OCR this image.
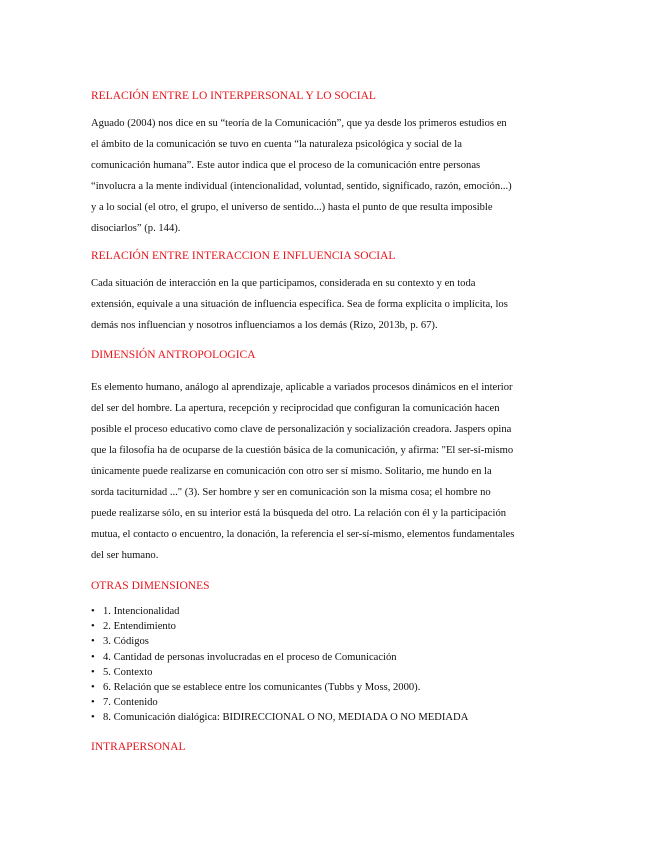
RELACIÓN ENTRE LO INTERPERSONAL Y LO SOCIAL
Aguado (2004) nos dice en su “teoría de la Comunicación”, que ya desde los primeros estudios en
el ámbito de la comunicación se tuvo en cuenta “la naturaleza psicológica y social de la
comunicación humana”. Este autor indica que el proceso de la comunicación entre personas
“involucra a la mente individual (intencionalidad, voluntad, sentido, significado, razón, emoción...)
y a lo social (el otro, el grupo, el universo de sentido...) hasta el punto de que resulta imposible
disociarlos” (p. 144).
RELACIÓN ENTRE INTERACCION E INFLUENCIA SOCIAL
Cada situación de interacción en la que participamos, considerada en su contexto y en toda
extensión, equivale a una situación de influencia específica. Sea de forma explícita o implícita, los
demás nos influencian y nosotros influenciamos a los demás (Rizo, 2013b, p. 67).
DIMENSIÓN ANTROPOLOGICA
Es elemento humano, análogo al aprendizaje, aplicable a variados procesos dinámicos en el interior
del ser del hombre. La apertura, recepción y reciprocidad que configuran la comunicación hacen
posible el proceso educativo como clave de personalización y socialización creadora. Jaspers opina
que la filosofía ha de ocuparse de la cuestión básica de la comunicación, y afirma: "El ser-sí-mismo
únicamente puede realizarse en comunicación con otro ser sí mismo. Solitario, me hundo en la
sorda taciturnidad ..." (3). Ser hombre y ser en comunicación son la misma cosa; el hombre no
puede realizarse sólo, en su interior está la búsqueda del otro. La relación con él y la participación
mutua, el contacto o encuentro, la donación, la referencia el ser-sí-mismo, elementos fundamentales
del ser humano.
OTRAS DIMENSIONES
• 1. Intencionalidad
• 2. Entendimiento
• 3. Códigos
• 4. Cantidad de personas involucradas en el proceso de Comunicación
• 5. Contexto
• 6. Relación que se establece entre los comunicantes (Tubbs y Moss, 2000).
• 7. Contenido
• 8. Comunicación dialógica: BIDIRECCIONAL O NO, MEDIADA O NO MEDIADA
INTRAPERSONAL
